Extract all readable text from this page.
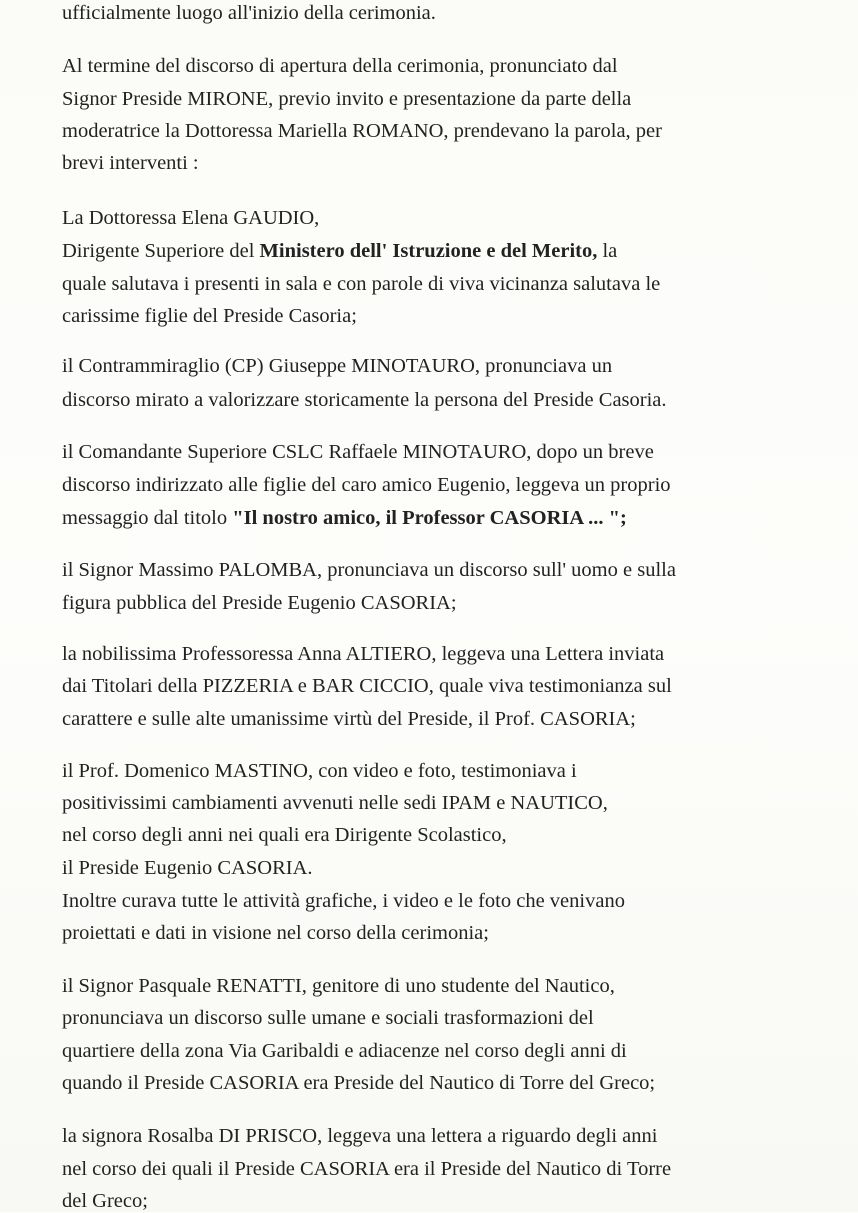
ufficialmente luogo all'inizio della cerimonia.
Al termine del discorso di apertura della cerimonia, pronunciato dal
Signor Preside MIRONE, previo invito e presentazione da parte della
moderatrice la Dottoressa Mariella ROMANO, prendevano la parola, per
brevi interventi :
La Dottoressa Elena GAUDIO,
Dirigente Superiore del Ministero dell' Istruzione e del Merito, la
quale salutava i presenti in sala e con parole di viva vicinanza salutava le
carissime figlie del Preside Casoria;
il Contrammiraglio (CP) Giuseppe MINOTAURO, pronunciava un
discorso mirato a valorizzare storicamente la persona del Preside Casoria.
il Comandante Superiore CSLC Raffaele MINOTAURO, dopo un breve
discorso indirizzato alle figlie del caro amico Eugenio, leggeva un proprio
messaggio dal titolo "Il nostro amico, il Professor CASORIA ... ";
il Signor Massimo PALOMBA, pronunciava un discorso sull' uomo e sulla
figura pubblica del Preside Eugenio CASORIA;
la nobilissima Professoressa Anna ALTIERO, leggeva una Lettera inviata
dai Titolari della PIZZERIA e BAR CICCIO, quale viva testimonianza sul
carattere e sulle alte umanissime virtù del Preside, il Prof. CASORIA;
il Prof. Domenico MASTINO, con video e foto, testimoniava i
positivissimi cambiamenti avvenuti nelle sedi IPAM e NAUTICO,
nel corso degli anni nei quali era Dirigente Scolastico,
il Preside Eugenio CASORIA.
Inoltre curava tutte le attività grafiche, i video e le foto che venivano
proiettati e dati in visione nel corso della cerimonia;
il Signor Pasquale RENATTI, genitore di uno studente del Nautico,
pronunciava un discorso sulle umane e sociali trasformazioni del
quartiere della zona Via Garibaldi e adiacenze nel corso degli anni di
quando il Preside CASORIA era Preside del Nautico di Torre del Greco;
la signora Rosalba DI PRISCO, leggeva una lettera a riguardo degli anni
nel corso dei quali il Preside CASORIA era il Preside del Nautico di Torre
del Greco;
